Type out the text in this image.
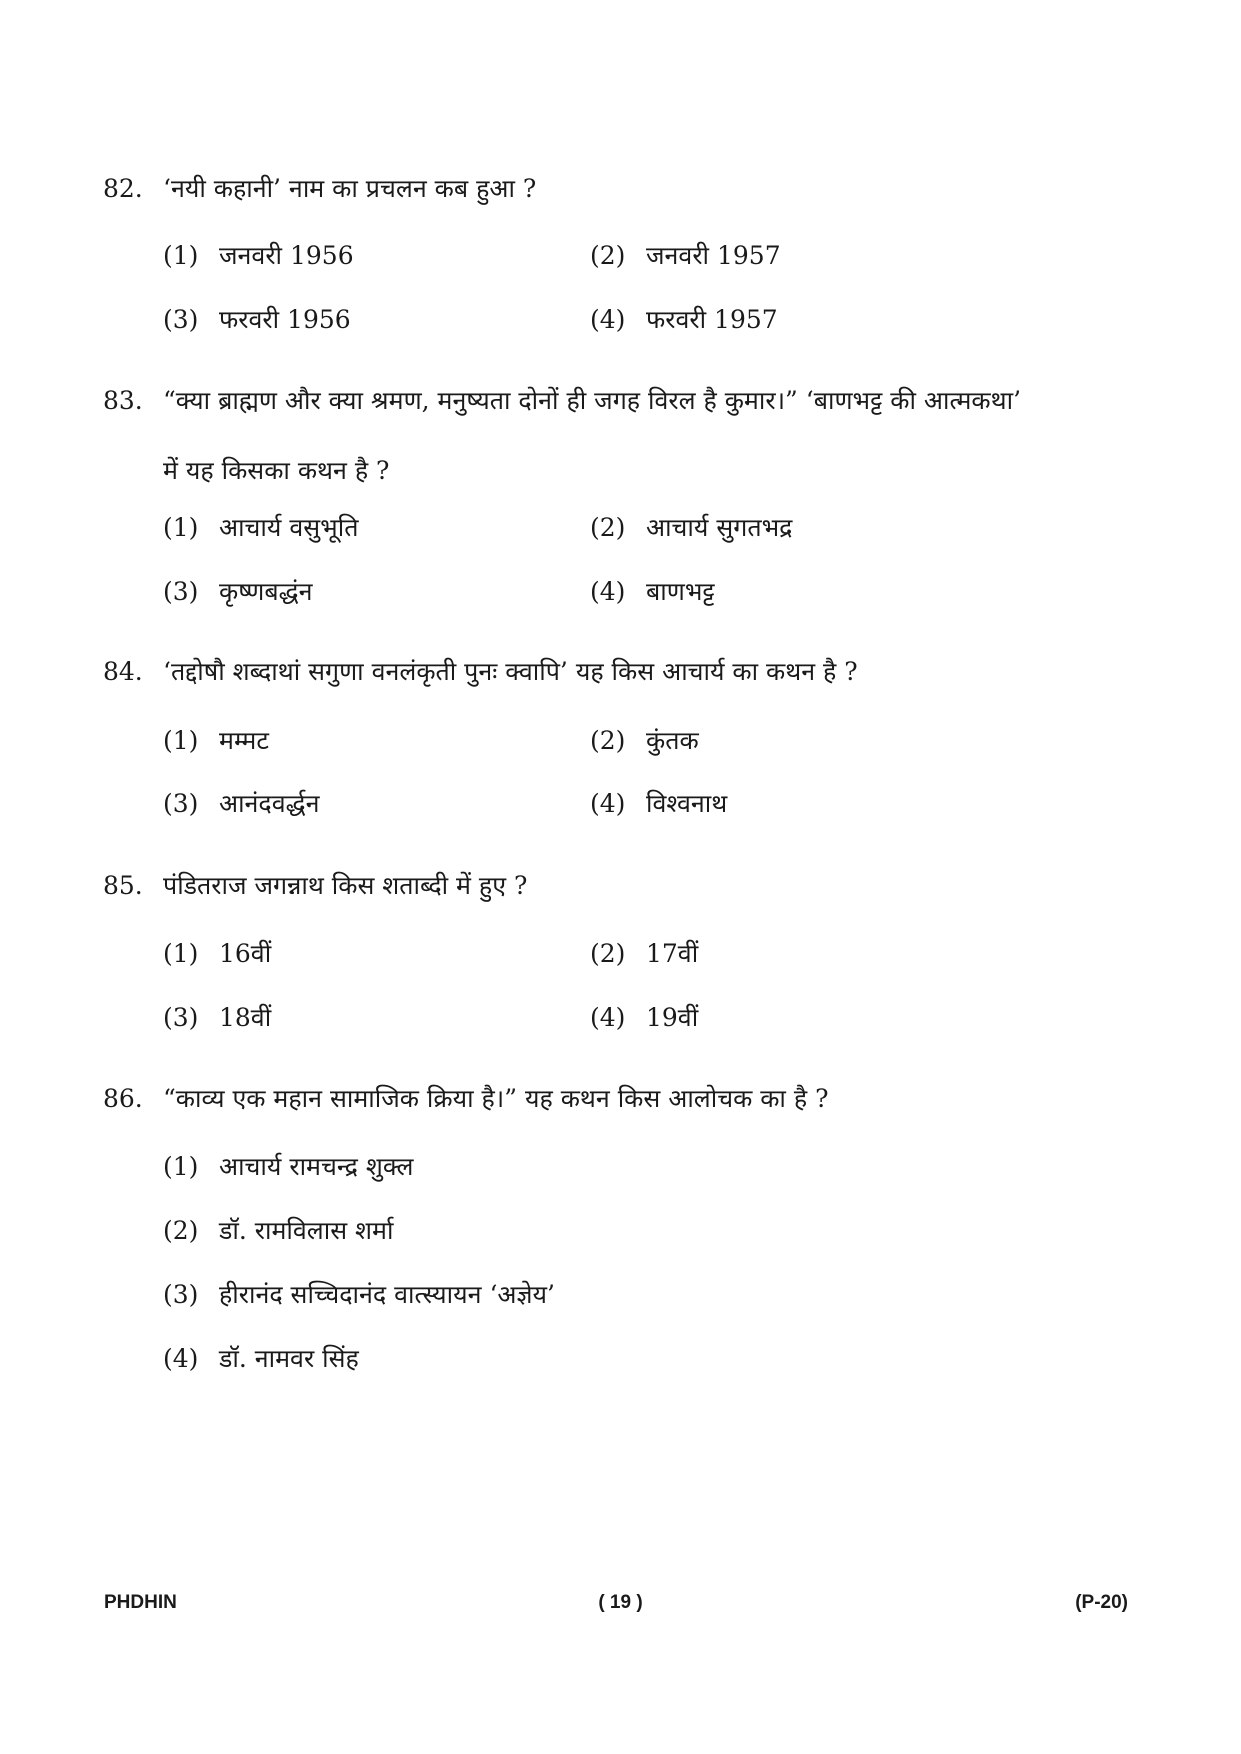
82. ‘नयी कहानी’ नाम का प्रचलन कब हुआ ?
(1) जनवरी 1956	(2) जनवरी 1957
(3) फरवरी 1956	(4) फरवरी 1957
83. “क्या ब्राह्मण और क्या श्रमण, मनुष्यता दोनों ही जगह विरल है कुमार।” ‘बाणभट्ट की आत्मकथा’
में यह किसका कथन है ?
(1) आचार्य वसुभूति	(2) आचार्य सुगतभद्र
(3) कृष्णबद्धंन	(4) बाणभट्ट
84. ‘तद्दोषौ शब्दाथां सगुणा वनलंकृती पुनः क्वापि’ यह किस आचार्य का कथन है ?
(1) मम्मट	(2) कुंतक
(3) आनंदवर्द्धन	(4) विश्वनाथ
85. पंडितराज जगन्नाथ किस शताब्दी में हुए ?
(1) 16वीं	(2) 17वीं
(3) 18वीं	(4) 19वीं
86. “काव्य एक महान सामाजिक क्रिया है।” यह कथन किस आलोचक का है ?
(1) आचार्य रामचन्द्र शुक्ल
(2) डॉ. रामविलास शर्मा
(3) हीरानंद सच्चिदानंद वात्स्यायन ‘अज्ञेय’
(4) डॉ. नामवर सिंह
PHDHIN	( 19 )	(P-20)
